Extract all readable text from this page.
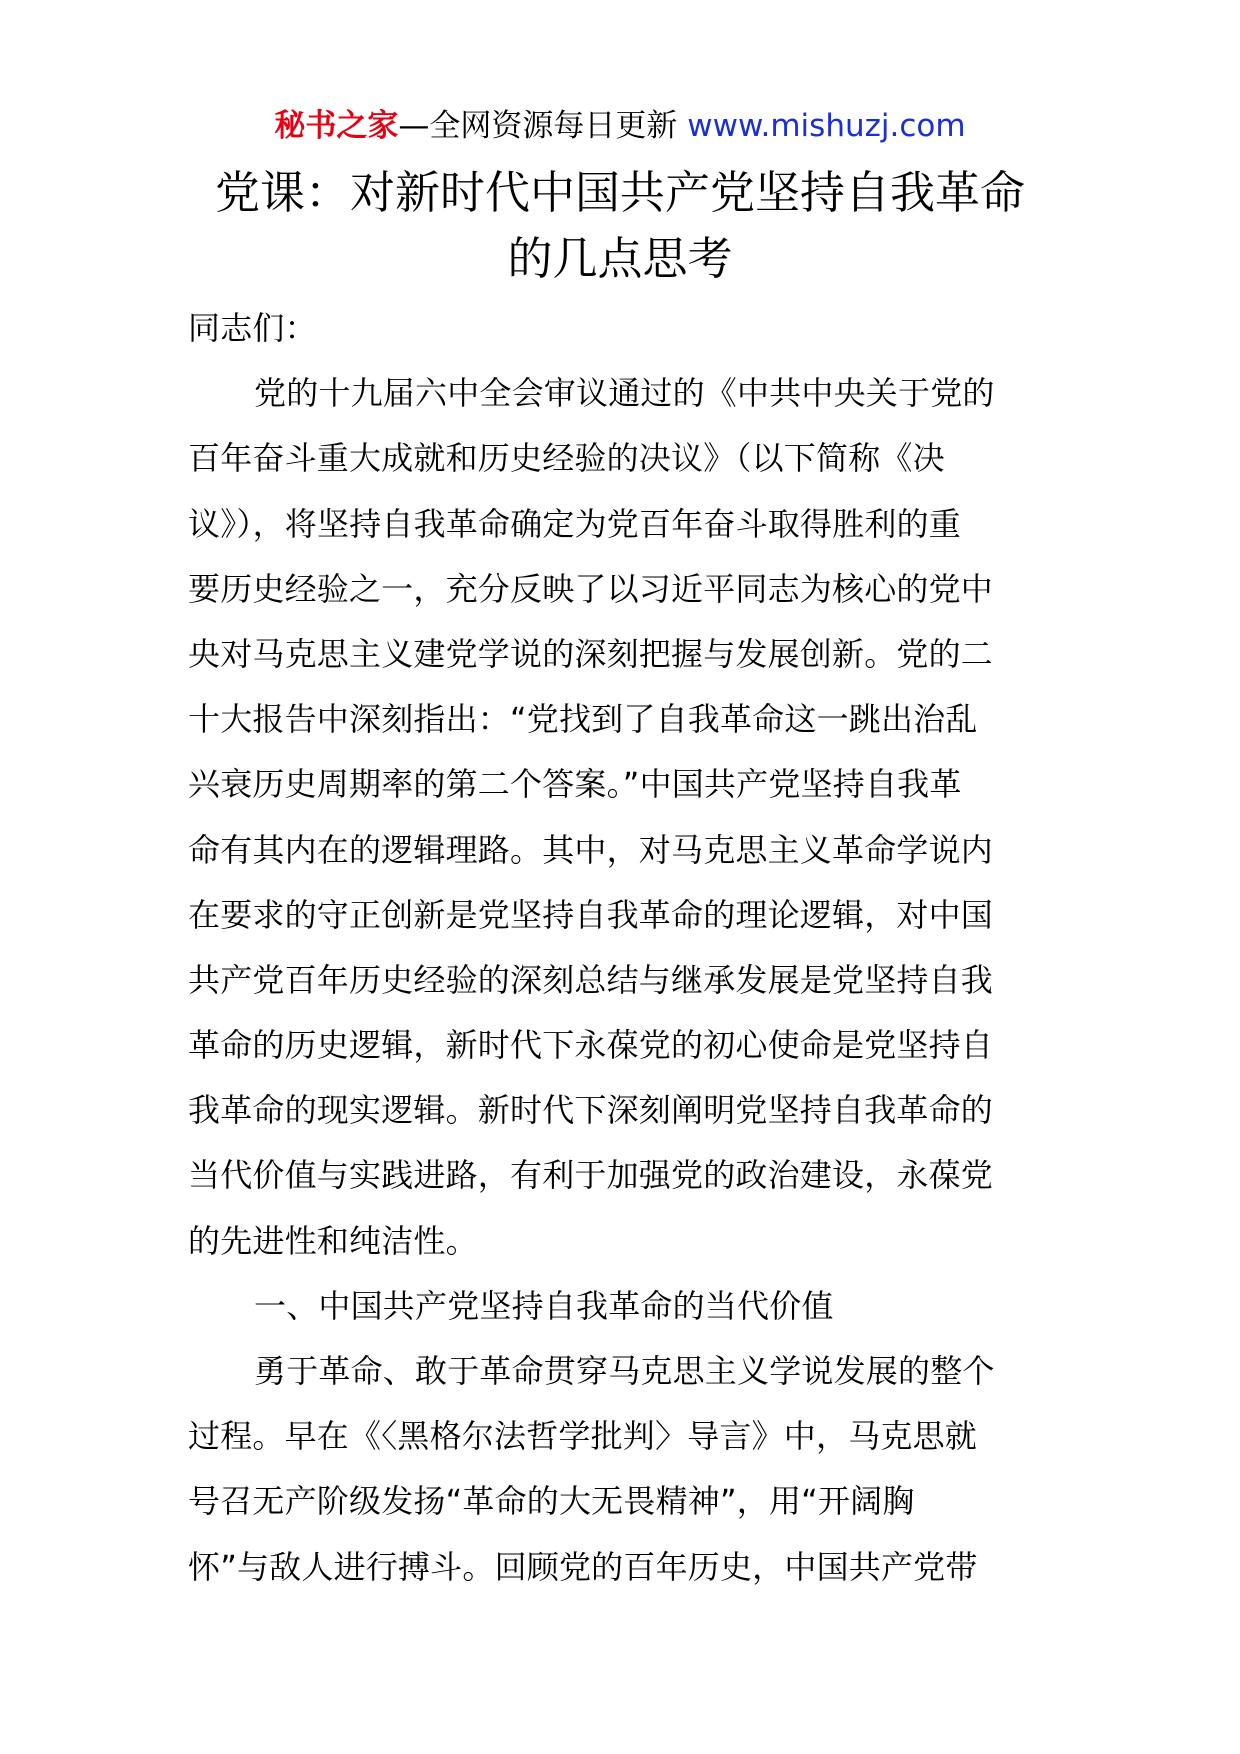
秘书之家—全网资源每日更新 www.mishuzj.com
党课：对新时代中国共产党坚持自我革命
的几点思考
同志们：
党的十九届六中全会审议通过的《中共中央关于党的
百年奋斗重大成就和历史经验的决议》（以下简称《决
议》），将坚持自我革命确定为党百年奋斗取得胜利的重
要历史经验之一，充分反映了以习近平同志为核心的党中
央对马克思主义建党学说的深刻把握与发展创新。党的二
十大报告中深刻指出：“党找到了自我革命这一跳出治乱
兴衰历史周期率的第二个答案。”中国共产党坚持自我革
命有其内在的逻辑理路。其中，对马克思主义革命学说内
在要求的守正创新是党坚持自我革命的理论逻辑，对中国
共产党百年历史经验的深刻总结与继承发展是党坚持自我
革命的历史逻辑，新时代下永葆党的初心使命是党坚持自
我革命的现实逻辑。新时代下深刻阐明党坚持自我革命的
当代价值与实践进路，有利于加强党的政治建设，永葆党
的先进性和纯洁性。
一、中国共产党坚持自我革命的当代价值
勇于革命、敢于革命贯穿马克思主义学说发展的整个
过程。早在《〈黑格尔法哲学批判〉导言》中，马克思就
号召无产阶级发扬“革命的大无畏精神”，用“开阔胸
怀”与敌人进行搏斗。回顾党的百年历史，中国共产党带
